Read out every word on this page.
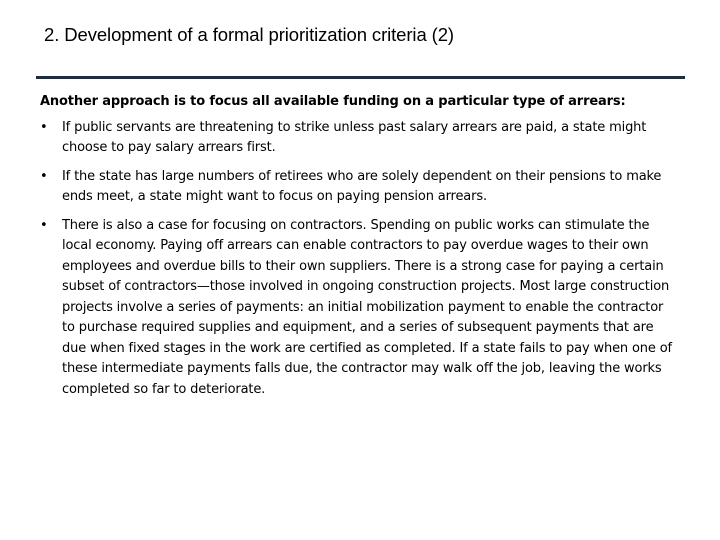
2. Development of a formal prioritization criteria (2)
Another approach is to focus all available funding on a particular type of arrears:
•	If public servants are threatening to strike unless past salary arrears are paid, a state might choose to pay salary arrears first.
•	If the state has large numbers of retirees who are solely dependent on their pensions to make ends meet, a state might want to focus on paying pension arrears.
•	There is also a case for focusing on contractors. Spending on public works can stimulate the local economy. Paying off arrears can enable contractors to pay overdue wages to their own employees and overdue bills to their own suppliers. There is a strong case for paying a certain subset of contractors—those involved in ongoing construction projects. Most large construction projects involve a series of payments: an initial mobilization payment to enable the contractor to purchase required supplies and equipment, and a series of subsequent payments that are due when fixed stages in the work are certified as completed. If a state fails to pay when one of these intermediate payments falls due, the contractor may walk off the job, leaving the works completed so far to deteriorate.
